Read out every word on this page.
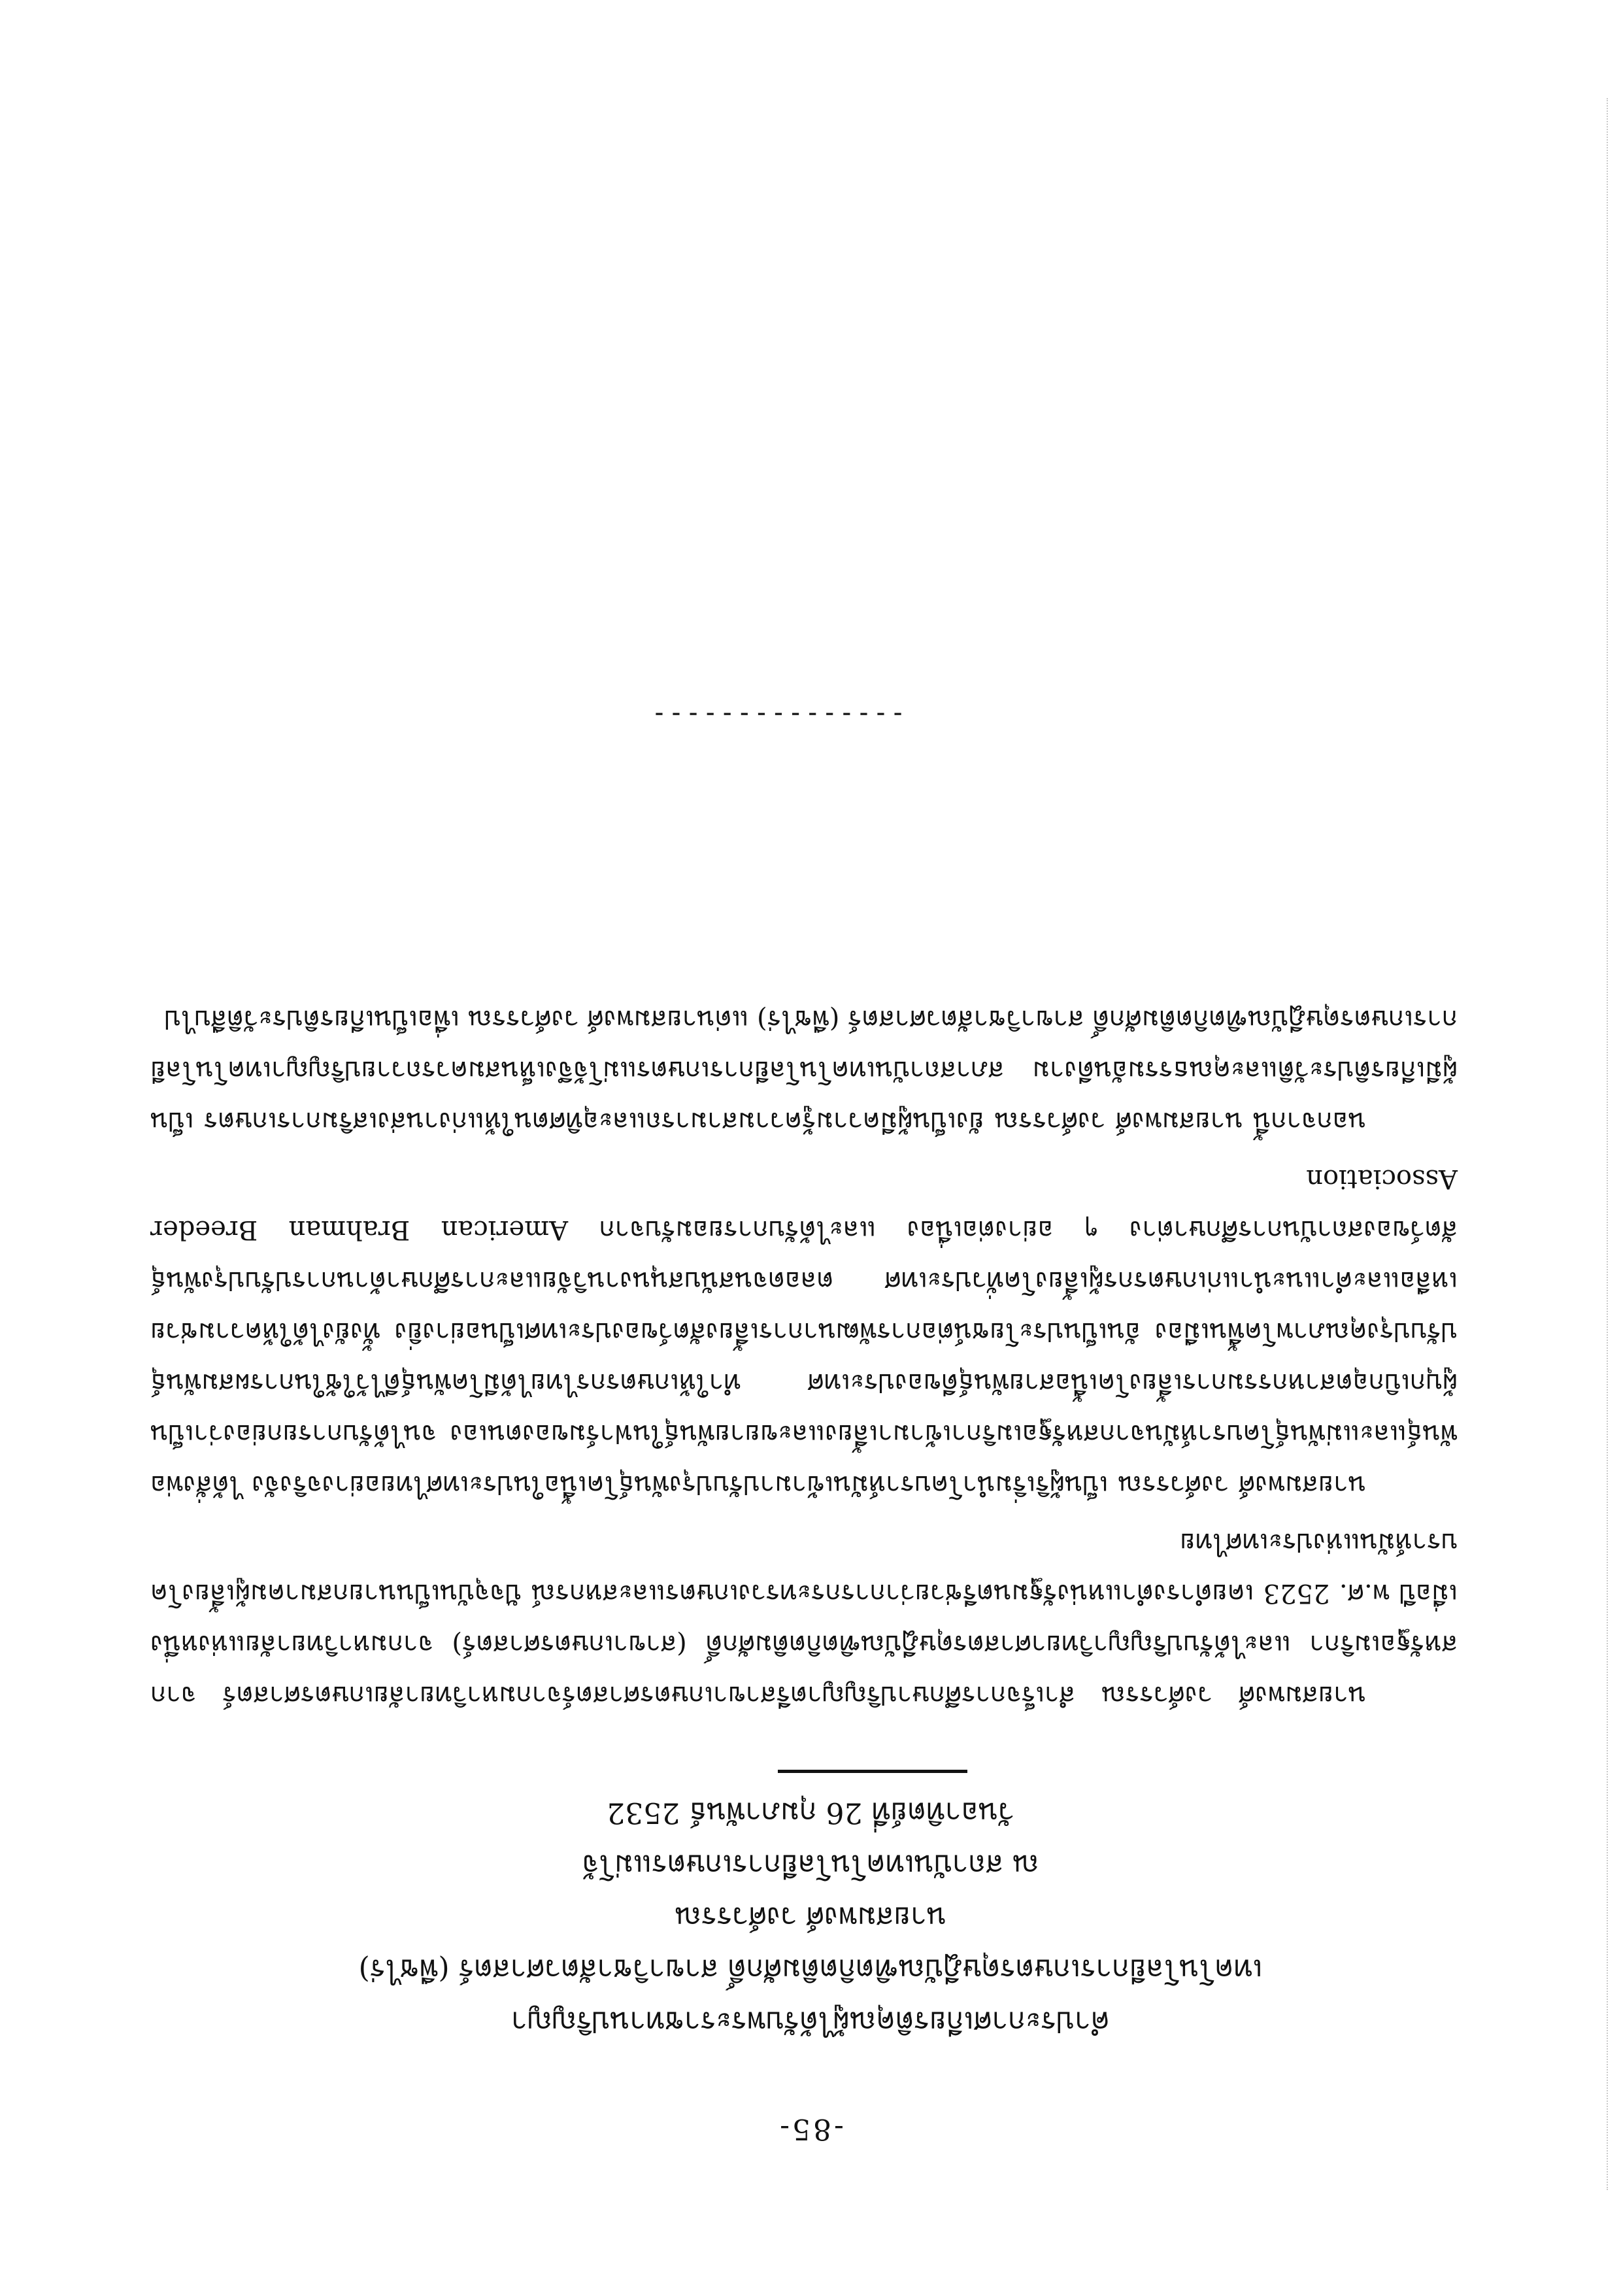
-85-
คำประกาศเกียรติคุณผู้ได้รับพระราชทานปริญญา
เทคโนโลยีการเกษตรดุษฎีบัณฑิตกิตติมศักดิ์ สาขาวิชาสัตวศาสตร์ (พืชไร่)
นายสมพงศ์ วงศ์วรรณ
ณ สถาบันเทคโนโลยีการเกษตรแม่โจ้
วันอาทิตย์ที่ 26 กุมภาพันธ์ 2532

นายสมพงศ์ วงศ์วรรณ สำเร็จการศึกษาปริญญาตรีสาขาเกษตรศาสตร์จากมหาวิทยาลัยเกษตรศาสตร์ จากสหรัฐอเมริกา และได้รับปริญญาวิทยาศาสตรดุษฎีบัณฑิตกิตติมศักดิ์ (สาขาเกษตรศาสตร์) จากมหาวิทยาลัยแห่งหนึ่ง เมื่อปี พ.ศ. 2523 เคยดำรงตำแหน่งรัฐมนตรีช่วยว่าการกระทรวงเกษตรและสหกรณ์ ปัจจุบันเป็นนายกสมาคมผู้เลี้ยงโคบราห์มันแห่งประเทศไทย

นายสมพงศ์ วงศ์วรรณ เป็นผู้ริเริ่มนำโคบราห์มันเข้ามาปรับปรุงพันธุ์โคเนื้อในประเทศไทยอย่างจริงจัง ได้สั่งพ่อพันธุ์และแม่พันธุ์โคบราห์มันจากสหรัฐอเมริกาเข้ามาเลี้ยงและขยายพันธุ์ในฟาร์มของตนเอง จนได้รับการยกย่องว่าเป็นผู้บุกเบิกอุตสาหกรรมการเลี้ยงโคเนื้อสายพันธุ์ดีของประเทศ ทำให้เกษตรกรไทยได้มีโคพันธุ์ดีไว้ใช้ในการผสมพันธุ์ปรับปรุงคุณภาพโคพื้นเมือง อันเป็นประโยชน์ต่อการพัฒนาการเลี้ยงสัตว์ของประเทศเป็นอย่างยิ่ง ทั้งยังได้ให้ความช่วยเหลือและคำแนะนำแก่เกษตรกรผู้เลี้ยงโคทั่วประเทศ ตลอดจนสนับสนุนงานวิจัยและการศึกษาด้านการปรับปรุงพันธุ์สัตว์ของสถาบันการศึกษาต่าง ๆ อย่างต่อเนื่อง และได้รับการยอมรับจาก American Brahman Breeder Association

นอกจากนี้ นายสมพงศ์ วงศ์วรรณ ยังเป็นผู้มีความรู้ความสามารถและอุทิศตนให้แก่งานส่งเสริมการเกษตร เป็นผู้มีเกียรติประวัติและคุณธรรมอันดีงาม สภาสถาบันเทคโนโลยีการเกษตรแม่โจ้จึงเห็นสมควรถวายปริญญาเทคโนโลยีการเกษตรดุษฎีบัณฑิตกิตติมศักดิ์ สาขาวิชาสัตวศาสตร์ (พืชไร่) แด่นายสมพงศ์ วงศ์วรรณ เพื่อเป็นเกียรติประวัติสืบไป

---------------
